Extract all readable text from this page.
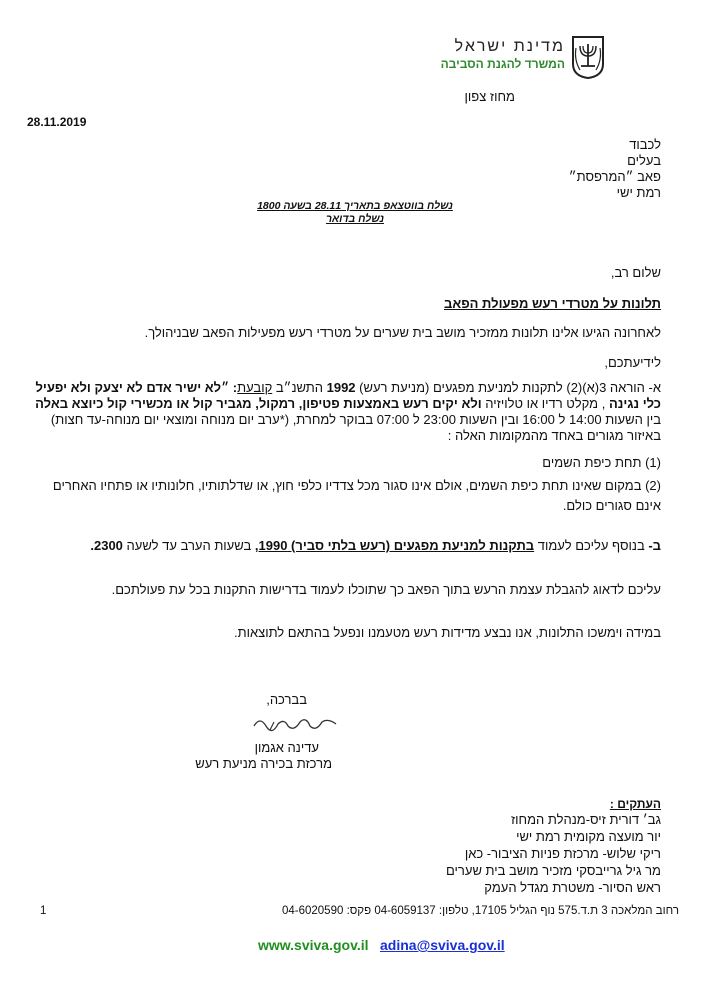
מדינת ישראל
המשרד להגנת הסביבה
מחוז צפון
28.11.2019
לכבוד
בעלים
פאב ״המרפסת״
רמת ישי
נשלח בווטצאפ בתאריך 28.11 בשעה 1800
נשלח בדואר
שלום רב,
תלונות על מטרדי רעש מפעולת הפאב
לאחרונה הגיעו אלינו תלונות ממזכיר מושב בית שערים על מטרדי רעש מפעילות הפאב שבניהולך.
לידיעתכם,
א- הוראה 3(א)(2) לתקנות למניעת מפגעים (מניעת רעש) 1992 התשנ״ב קובעת: ״לא ישיר אדם לא יצעק ולא יפעיל כלי נגינה , מקלט רדיו או טלויזיה ולא יקים רעש באמצעות פטיפון, רמקול, מגביר קול או מכשירי קול כיוצא באלה
בין השעות 14:00 ל 16:00 ובין השעות 23:00 ל 07:00 בבוקר למחרת, (*ערב יום מנוחה ומוצאי יום מנוחה-עד חצות)
באיזור מגורים באחד מהמקומות האלה :
(1) תחת כיפת השמים
(2) במקום שאינו תחת כיפת השמים, אולם אינו סגור מכל צדדיו כלפי חוץ, או שדלתותיו, חלונותיו או פתחיו האחרים
אינם סגורים כולם.
ב- בנוסף עליכם לעמוד בתקנות למניעת מפגעים (רעש בלתי סביר) 1990, בשעות הערב עד לשעה 2300.
עליכם לדאוג להגבלת עצמת הרעש בתוך הפאב כך שתוכלו לעמוד בדרישות התקנות בכל עת פעולתכם.
במידה וימשכו התלונות, אנו נבצע מדידות רעש מטעמנו ונפעל בהתאם לתוצאות.
בברכה,
עדינה אגמון
מרכזת בכירה מניעת רעש
העתקים :
גב׳ דורית זיס-מנהלת המחוז
יור מועצה מקומית רמת ישי
ריקי שלוש- מרכזת פניות הציבור- כאן
מר גיל גרייבסקי מזכיר מושב בית שערים
ראש הסיור- משטרת מגדל העמק
רחוב המלאכה 3 ת.ד.575 נוף הגליל 17105, טלפון: 04-6059137 פקס: 04-6020590
1
www.sviva.gov.il adina@sviva.gov.il
